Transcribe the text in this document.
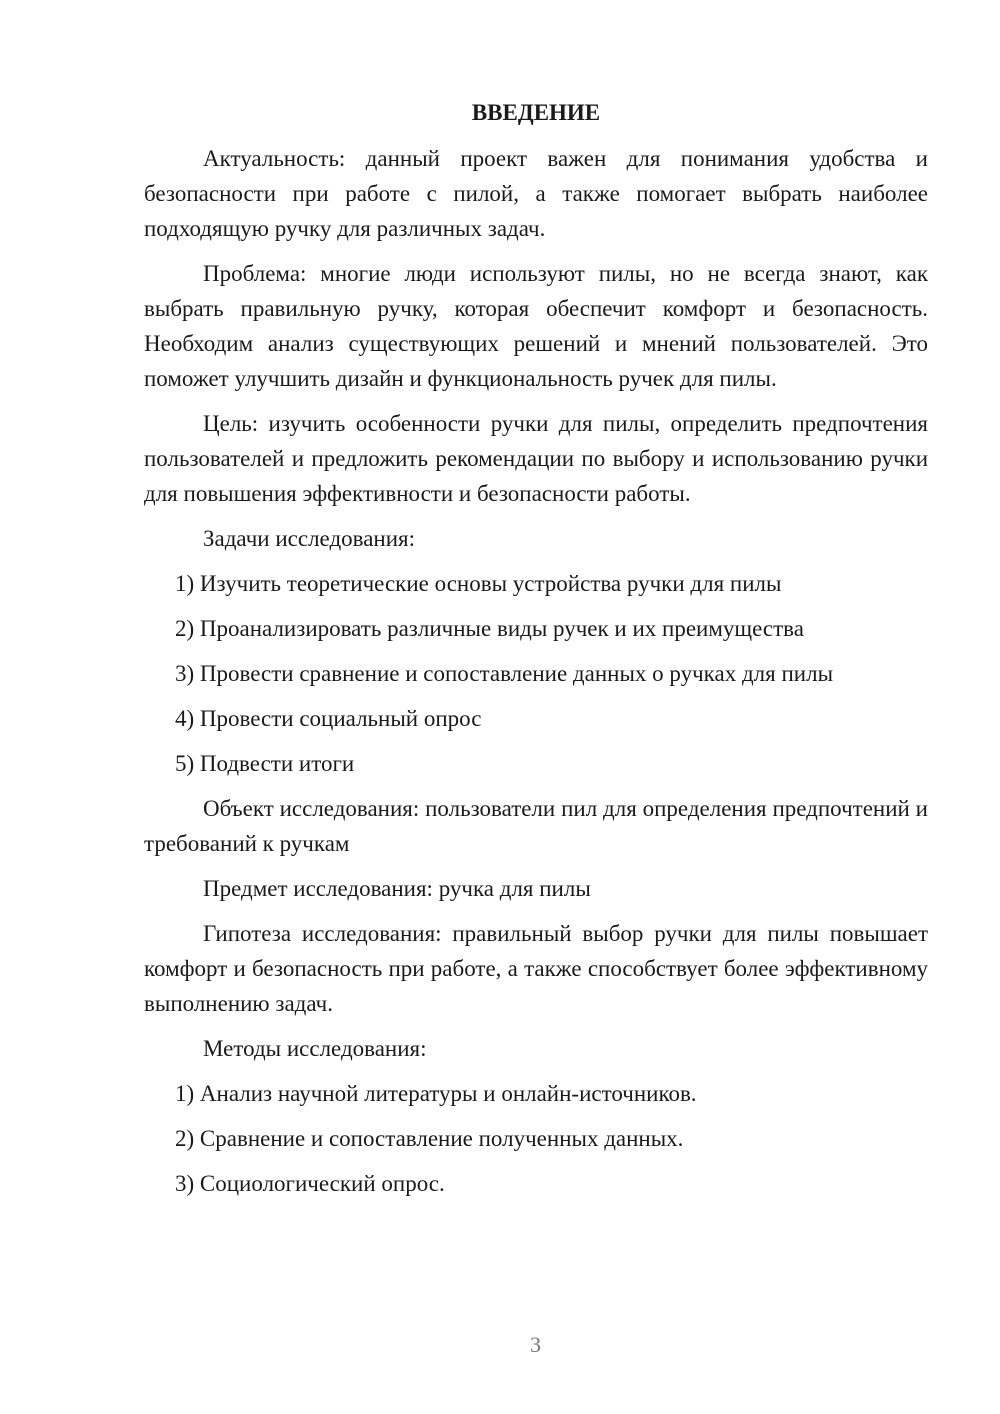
ВВЕДЕНИЕ

Актуальность: данный проект важен для понимания удобства и безопасности при работе с пилой, а также помогает выбрать наиболее подходящую ручку для различных задач.

Проблема: многие люди используют пилы, но не всегда знают, как выбрать правильную ручку, которая обеспечит комфорт и безопасность. Необходим анализ существующих решений и мнений пользователей. Это поможет улучшить дизайн и функциональность ручек для пилы.

Цель: изучить особенности ручки для пилы, определить предпочтения пользователей и предложить рекомендации по выбору и использованию ручки для повышения эффективности и безопасности работы.

Задачи исследования:

1) Изучить теоретические основы устройства ручки для пилы

2) Проанализировать различные виды ручек и их преимущества

3) Провести сравнение и сопоставление данных о ручках для пилы

4) Провести социальный опрос

5) Подвести итоги

Объект исследования: пользователи пил для определения предпочтений и требований к ручкам

Предмет исследования: ручка для пилы

Гипотеза исследования: правильный выбор ручки для пилы повышает комфорт и безопасность при работе, а также способствует более эффективному выполнению задач.

Методы исследования:

1) Анализ научной литературы и онлайн-источников.

2) Сравнение и сопоставление полученных данных.

3) Социологический опрос.

3
